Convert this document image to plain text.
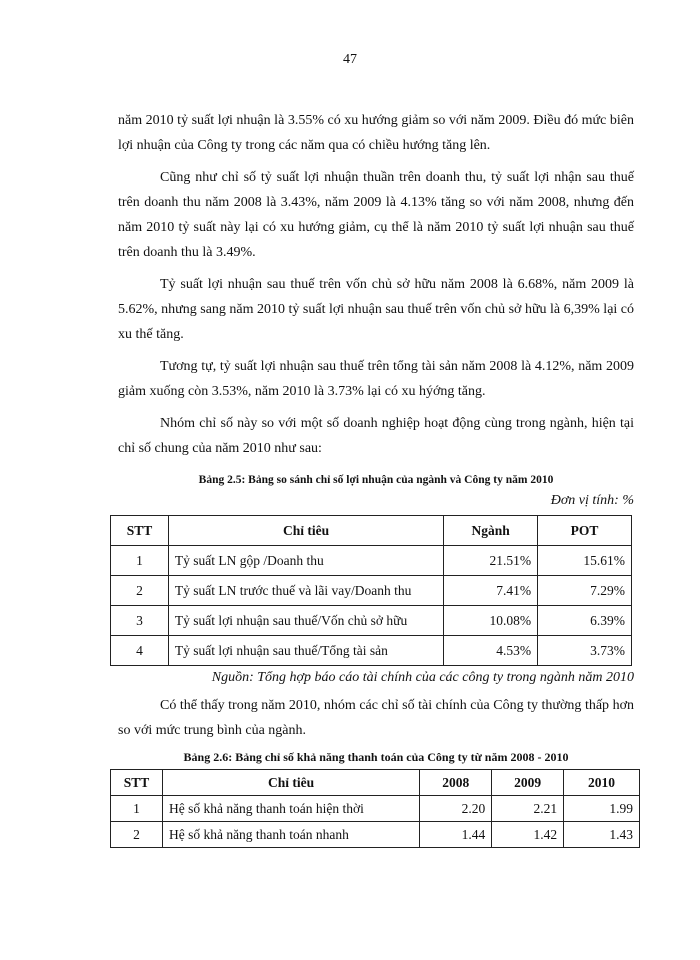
47

năm 2010 tỷ suất lợi nhuận là 3.55% có xu hướng giảm so với năm 2009. Điều đó mức biên lợi nhuận của Công ty trong các năm qua có chiều hướng tăng lên.

Cũng như chỉ số tỷ suất lợi nhuận thuần trên doanh thu, tỷ suất lợi nhận sau thuế trên doanh thu năm 2008 là 3.43%, năm 2009 là 4.13% tăng so với năm 2008, nhưng đến năm 2010 tỷ suất này lại có xu hướng giảm, cụ thể là năm 2010 tỷ suất lợi nhuận sau thuế trên doanh thu là 3.49%.

Tỷ suất lợi nhuận sau thuế trên vốn chủ sở hữu năm 2008 là 6.68%, năm 2009 là 5.62%, nhưng sang năm 2010 tỷ suất lợi nhuận sau thuế trên vốn chủ sở hữu là 6,39% lại có xu thế tăng.

Tương tự, tỷ suất lợi nhuận sau thuế trên tổng tài sản năm 2008 là 4.12%, năm 2009 giảm xuống còn 3.53%, năm 2010 là 3.73% lại có xu hýớng tăng.

Nhóm chỉ số này so với một số doanh nghiệp hoạt động cùng trong ngành, hiện tại chỉ số chung của năm 2010 như sau:

Bảng 2.5: Bảng so sánh chỉ số lợi nhuận của ngành và Công ty năm 2010
Đơn vị tính: %
STT	Chỉ tiêu	Ngành	POT
1	Tỷ suất LN gộp /Doanh thu	21.51%	15.61%
2	Tỷ suất LN trước thuế và lãi vay/Doanh thu	7.41%	7.29%
3	Tỷ suất lợi nhuận sau thuế/Vốn chủ sở hữu	10.08%	6.39%
4	Tỷ suất lợi nhuận sau thuế/Tổng tài sản	4.53%	3.73%
Nguồn: Tổng hợp báo cáo tài chính của các công ty trong ngành năm 2010

Có thể thấy trong năm 2010, nhóm các chỉ số tài chính của Công ty thường thấp hơn so với mức trung bình của ngành.

Bảng 2.6: Bảng chỉ số khả năng thanh toán của Công ty từ năm 2008 - 2010
STT	Chỉ tiêu	2008	2009	2010
1	Hệ số khả năng thanh toán hiện thời	2.20	2.21	1.99
2	Hệ số khả năng thanh toán nhanh	1.44	1.42	1.43
